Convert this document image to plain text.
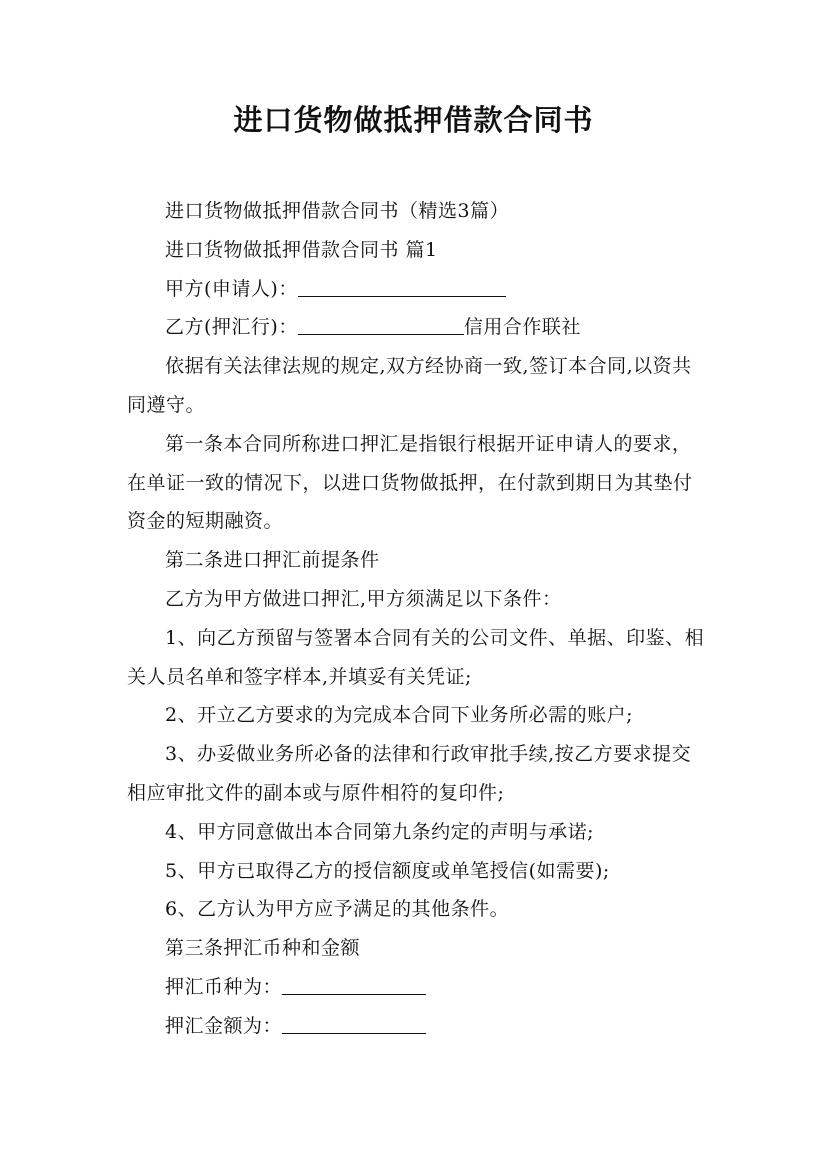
进口货物做抵押借款合同书

进口货物做抵押借款合同书（精选3篇）

进口货物做抵押借款合同书 篇1

甲方(申请人)：

乙方(押汇行)：	信用合作联社

依据有关法律法规的规定,双方经协商一致,签订本合同,以资共同遵守。

第一条本合同所称进口押汇是指银行根据开证申请人的要求，在单证一致的情况下，以进口货物做抵押，在付款到期日为其垫付资金的短期融资。

第二条进口押汇前提条件

乙方为甲方做进口押汇,甲方须满足以下条件：

1、向乙方预留与签署本合同有关的公司文件、单据、印鉴、相关人员名单和签字样本,并填妥有关凭证;

2、开立乙方要求的为完成本合同下业务所必需的账户;

3、办妥做业务所必备的法律和行政审批手续,按乙方要求提交相应审批文件的副本或与原件相符的复印件;

4、甲方同意做出本合同第九条约定的声明与承诺;

5、甲方已取得乙方的授信额度或单笔授信(如需要);

6、乙方认为甲方应予满足的其他条件。

第三条押汇币种和金额

押汇币种为：

押汇金额为：
